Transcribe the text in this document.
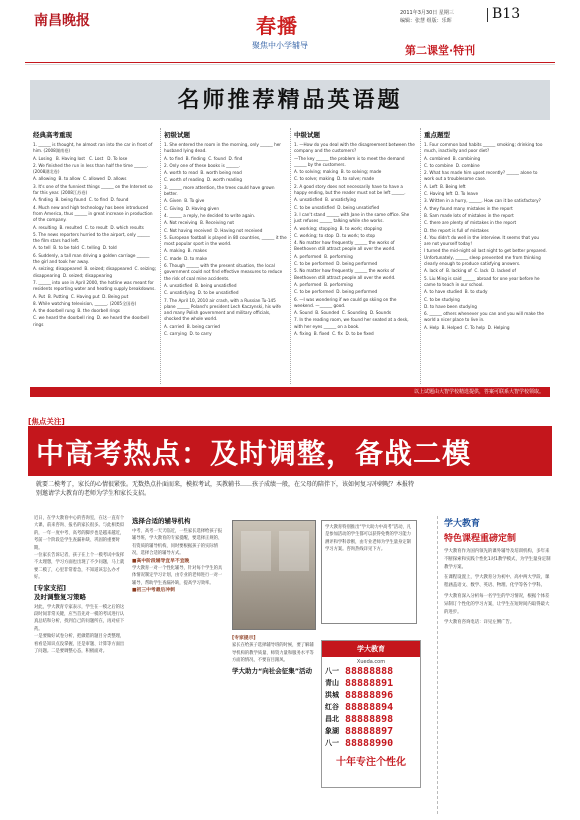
南昌晚报	春播
聚焦中小学辅导
2011年3月30日 星期三
编辑：张慧 组版：乐晖	B13
第二课堂·特刊
名师推荐精品英语题
经典高考重现
1. ______ is thought, he almost ran into the car in front of him. (2008湖南卷)
A. Losing   B. Having lost   C. Lost   D. To lose
2. We finished the run in less than half the time ______. (2008湖北卷)
A. allowing  B. to allow  C. allowed  D. allows
3. It's one of the funniest things ______ on the Internet so far this year. (2008江苏卷)
A. finding  B. being found  C. to find  D. found
4. Much new and high technology has been introduced from America, thus ______ in great increase in production of the company.
A. resulting  B. resulted  C. to result  D. which results
5. The news reporters hurried to the airport, only ______ the film stars had left.
A. to tell  B. to be told  C. telling  D. told
6. Suddenly, a tall man driving a golden carriage ______ the girl and took her away.
A. seizing; disappeared  B. seized; disappeared  C. seizing; disappearing  D. seized; disappearing
7. ______ into use in April 2000, the hotline was meant for residents reporting water and heating supply breakdowns.
A. Put  B. Putting  C. Having put  D. Being put
8. While watching television, ______. (2005全国卷)
A. the doorbell rung  B. the doorbell rings
C. we heard the doorbell ring  D. we heard the doorbell rings
初级试题
1. She entered the room in the morning, only ______ her husband lying dead.
A. to find  B. finding  C. found  D. find
2. Only one of these books is ______.
A. worth to read  B. worth being read
C. worth of reading  D. worth reading
3. ______ more attention, the trees could have grown better.
A. Given  B. To give
C. Giving  D. Having given
4. ______ a reply, he decided to write again.
A. Not receiving  B. Receiving not
C. Not having received  D. Having not received
5. European football is played in 80 countries, ______ it the most popular sport in the world.
A. making  B. makes
C. made  D. to make
6. Though ______ with the present situation, the local government could not find effective measures to reduce the risk of coal mine accidents.
A. unsatisfied  B. being unsatisfied
C. unsatisfying  D. to be unsatisfied
7. The April 10, 2010 air crash, with a Russian Tu-145 plane ______ Poland's president Lech Kaczynski, his wife and many Polish government and military officials, shocked the whole world.
A. carried  B. being carried
C. carrying  D. to carry
中级试题
1. —How do you deal with the disagreement between the company and the customers?
—The key ______ the problem is to meet the demand ______ by the customers.
A. to solving; making  B. to solving; made
C. to solve; making  D. to solve; made
2. A good story does not necessarily have to have a happy ending, but the reader must not be left ______.
A. unsatisfied  B. unsatisfying
C. to be unsatisfied  D. being unsatisfied
3. I can't stand ______ with Jane in the same office. She just refuses ______ talking while she works.
A. working; stopping  B. to work; stopping
C. working; to stop  D. to work; to stop
4. No matter how frequently ______ the works of Beethoven still attract people all over the world.
A. performed  B. performing
C. to be performed  D. being performed
5. No matter how frequently ______ the works of Beethoven still attract people all over the world.
A. performed  B. performing
C. to be performed  D. being performed
6. —I was wondering if we could go skiing on the weekend. —______ good.
A. Sound  B. Sounded  C. Sounding  D. Sounds
7. In the reading room, we found her seated at a desk, with her eyes ______ on a book.
A. fixing  B. fixed  C. fix  D. to be fixed
重点题型
1. Four common bad habits ______ smoking; drinking too much, inactivity and poor diet?
A. combined  B. combining
C. to combine  D. combine
2. What has made him upset recently? ______ alone to work out a troublesome case.
A. Left  B. Being left
C. Having left  D. To leave
3. Written in a hurry, ______. How can it be satisfactory?
A. they found many mistakes in the report
B. Sam made lots of mistakes in the report
C. there are plenty of mistakes in the report
D. the report is full of mistakes
4. You didn't do well in the interview. It seems that you are not yourself today!
I turned the mid-night oil last night to get better prepared. Unfortunately, ______ sleep prevented me from thinking clearly enough to produce satisfying answers.
A. lack of  B. lacking of  C. lack  D. lacked of
5. Liu Ming is said ______ abroad for one year before he came to teach in our school.
A. to have studied  B. to study
C. to be studying
D. to have been studying
6. ______ others whenever you can and you will make the world a nicer place to live in.
A. Help  B. Helped  C. To help  D. Helping
以上试题由大智学校精选提供，答案可联系大智学校领取。
[焦点关注]
中高考热点：及时调整，备战二模
就要二模考了，家长的心情很紧张。无数热点扑面而来，模拟考试，买教辅书……孩子成绩一般，在父母的陪伴下，该如何复习冲刺呢？本报特别邀请学大教育的老师为学生和家长支招。

近日，在学大教育中心的咨询室，在这一直有个大课，前来咨询、报名的家长很多。与此相类似的，一年一度中考、高考的脚步也是越来越近，考前一个阶段是学生查漏补缺、巩固的重要时期。

一位家长告诉记者，孩子在上个一模考试中发挥不太理想，学习方面也出现了不少问题，马上就要二模了，心里非常着急，不知道该怎么办才好。

[专家支招]
及时调整复习策略

对此，学大教育专家表示，学生在一模之后的这段时间非常关键，应当首先对一模的考试进行认真总结和分析，找到自己的问题所在，再对症下药。

一是要做好试卷分析，把做错的题目分类整理，看看是知识点没掌握，还是审题、计算等方面出了问题。二是要调整心态，积极面对。

选择合适的辅导机构

中考、高考一天天临近，一些家长选择给孩子报辅导班，学大教育的专家提醒，要选择正规的、有资质的辅导机构，同时要根据孩子的实际情况，选择合适的辅导方式。

■高中阶段辅导宜早不宜晚

学大教育一对一个性化辅导，针对每个学生的具体情况制定学习计划，由专业的老师进行一对一辅导，帮助学生查漏补缺，提高学习效率。

■初三中考最后冲刺
[专家提示]

家长在给孩子选择辅导班的时候，要了解辅导机构的教学质量、师资力量和服务水平等方面的情况，不要盲目跟风。

学大助力“向社会征集”活动
学大教育特别推出“学大助力中高考”活动，凡是参加活动的学生都可以获得免费的学习能力测评和学科诊断，由专业老师为学生量身定制学习方案。咨询热线详见下方。
学大教育
Xueda.com
八一 88888888
青山 88888891
洪城 88888896
红谷 88888894
昌北 88888898
象湖 88888897
八一 88888990
十年专注个性化
学大教育
特色课程重磅定制

学大教育作为国内领先的课外辅导及培训机构，多年来不断探索和实践个性化1对1教学模式，为学生量身定制教学方案。

在课程设置上，学大教育分为初中、高中两大学段，课程涵盖语文、数学、英语、物理、化学等各个学科。

学大教育深入分析每一名学生的学习情况，根据个体差异制订个性化的学习方案，让学生在短时间内取得最大的进步。

学大教育咨询电话：详见左侧广告。
